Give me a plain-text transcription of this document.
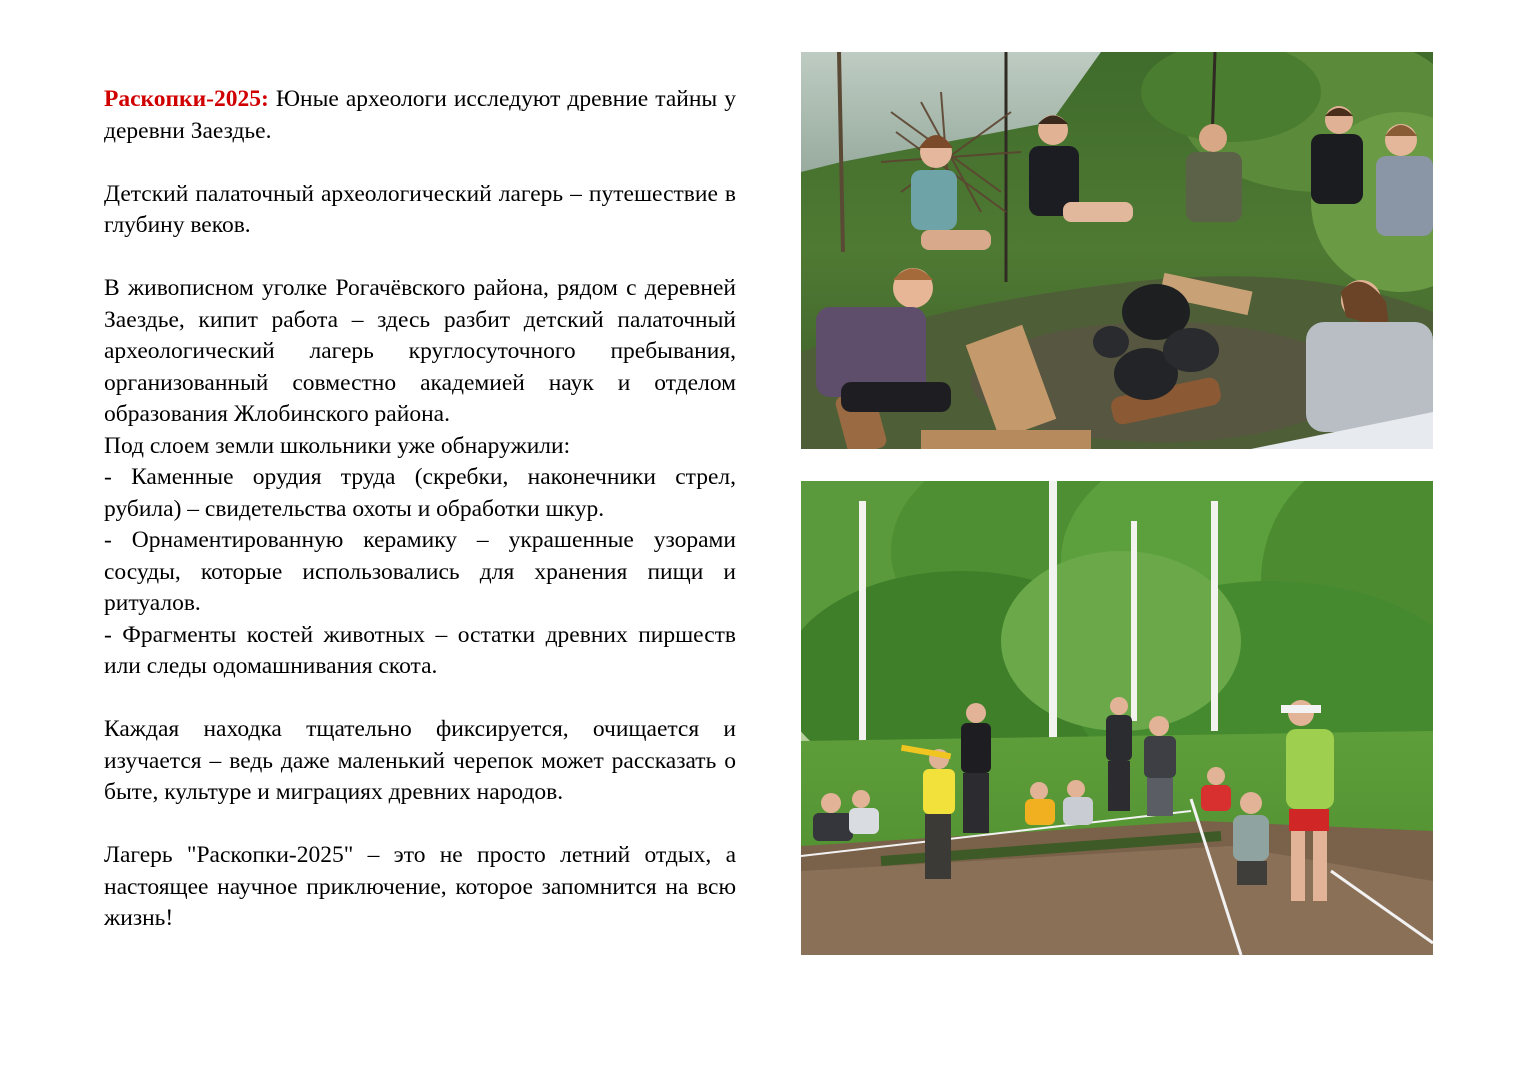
Раскопки-2025: Юные археологи исследуют древние тайны у деревни Заездье.

Детский палаточный археологический лагерь – путешествие в глубину веков.

В живописном уголке Рогачёвского района, рядом с деревней Заездье, кипит работа – здесь разбит детский палаточный археологический лагерь круглосуточного пребывания, организованный совместно академией наук и отделом образования Жлобинского района.

Под слоем земли школьники уже обнаружили:

- Каменные орудия труда (скребки, наконечники стрел, рубила) – свидетельства охоты и обработки шкур.

- Орнаментированную керамику – украшенные узорами сосуды, которые использовались для хранения пищи и ритуалов.

- Фрагменты костей животных – остатки древних пиршеств или следы одомашнивания скота.

Каждая находка тщательно фиксируется, очищается и изучается – ведь даже маленький черепок может рассказать о быте, культуре и миграциях древних народов.

Лагерь "Раскопки-2025" – это не просто летний отдых, а настоящее научное приключение, которое запомнится на всю жизнь!
